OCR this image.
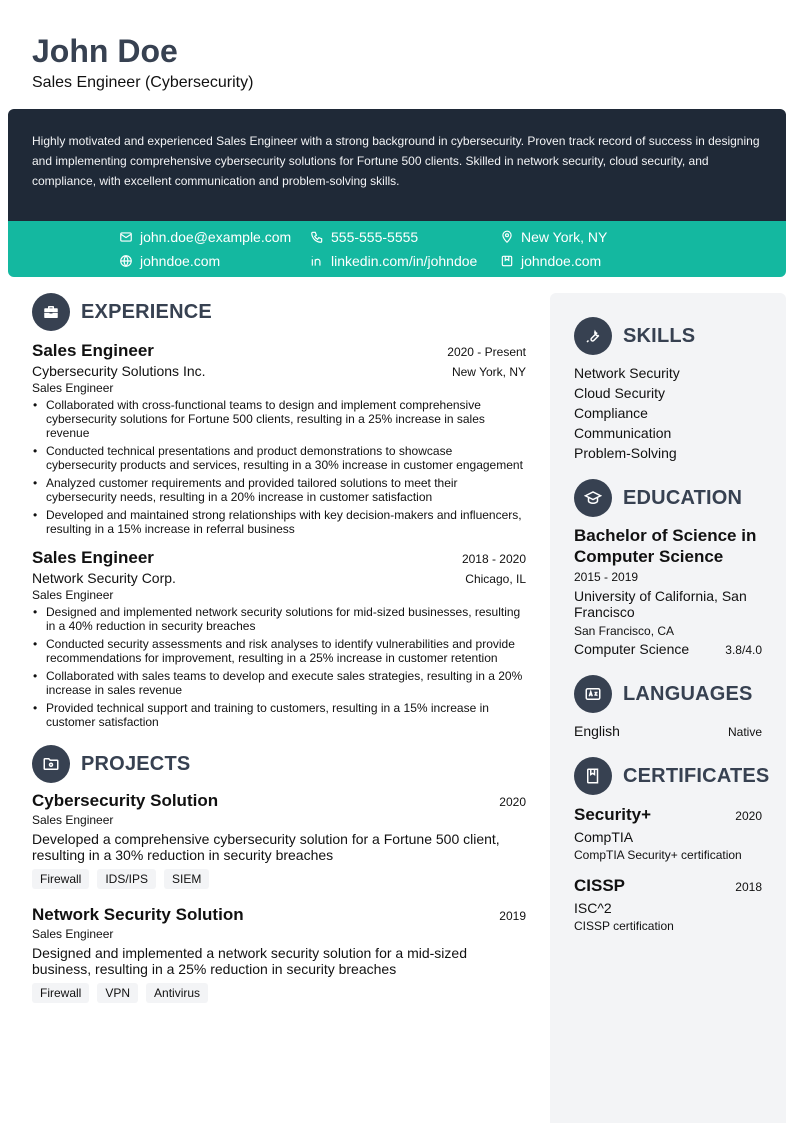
John Doe
Sales Engineer (Cybersecurity)
Highly motivated and experienced Sales Engineer with a strong background in cybersecurity. Proven track record of success in designing and implementing comprehensive cybersecurity solutions for Fortune 500 clients. Skilled in network security, cloud security, and compliance, with excellent communication and problem-solving skills.
john.doe@example.com	555-555-5555	New York, NY
johndoe.com	linkedin.com/in/johndoe	johndoe.com
EXPERIENCE
Sales Engineer	2020 - Present
Cybersecurity Solutions Inc.	New York, NY
Sales Engineer
• Collaborated with cross-functional teams to design and implement comprehensive cybersecurity solutions for Fortune 500 clients, resulting in a 25% increase in sales revenue
• Conducted technical presentations and product demonstrations to showcase cybersecurity products and services, resulting in a 30% increase in customer engagement
• Analyzed customer requirements and provided tailored solutions to meet their cybersecurity needs, resulting in a 20% increase in customer satisfaction
• Developed and maintained strong relationships with key decision-makers and influencers, resulting in a 15% increase in referral business
Sales Engineer	2018 - 2020
Network Security Corp.	Chicago, IL
Sales Engineer
• Designed and implemented network security solutions for mid-sized businesses, resulting in a 40% reduction in security breaches
• Conducted security assessments and risk analyses to identify vulnerabilities and provide recommendations for improvement, resulting in a 25% increase in customer retention
• Collaborated with sales teams to develop and execute sales strategies, resulting in a 20% increase in sales revenue
• Provided technical support and training to customers, resulting in a 15% increase in customer satisfaction
PROJECTS
Cybersecurity Solution	2020
Sales Engineer
Developed a comprehensive cybersecurity solution for a Fortune 500 client, resulting in a 30% reduction in security breaches
Firewall	IDS/IPS	SIEM
Network Security Solution	2019
Sales Engineer
Designed and implemented a network security solution for a mid-sized business, resulting in a 25% reduction in security breaches
Firewall	VPN	Antivirus
SKILLS
Network Security
Cloud Security
Compliance
Communication
Problem-Solving
EDUCATION
Bachelor of Science in Computer Science
2015 - 2019
University of California, San Francisco
San Francisco, CA
Computer Science	3.8/4.0
LANGUAGES
English	Native
CERTIFICATES
Security+	2020
CompTIA
CompTIA Security+ certification
CISSP	2018
ISC^2
CISSP certification
